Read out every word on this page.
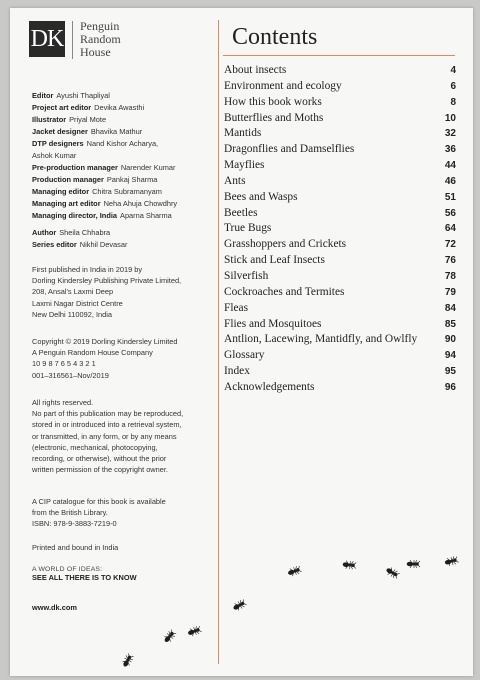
DK Penguin
Random
House
Editor Ayushi Thapliyal
Project art editor Devika Awasthi
Illustrator Priyal Mote
Jacket designer Bhavika Mathur
DTP designers Nand Kishor Acharya,
Ashok Kumar
Pre-production manager Narender Kumar
Production manager Pankaj Sharma
Managing editor Chitra Subramanyam
Managing art editor Neha Ahuja Chowdhry
Managing director, India Aparna Sharma
Author Sheila Chhabra
Series editor Nikhil Devasar
First published in India in 2019 by
Dorling Kindersley Publishing Private Limited,
208, Ansal's Laxmi Deep
Laxmi Nagar District Centre
New Delhi 110092, India
Copyright © 2019 Dorling Kindersley Limited
A Penguin Random House Company
10 9 8 7 6 5 4 3 2 1
001–316561–Nov/2019
All rights reserved.
No part of this publication may be reproduced,
stored in or introduced into a retrieval system,
or transmitted, in any form, or by any means
(electronic, mechanical, photocopying,
recording, or otherwise), without the prior
written permission of the copyright owner.
A CIP catalogue for this book is available
from the British Library.
ISBN: 978-9-3883-7219-0
Printed and bound in India
A WORLD OF IDEAS:
SEE ALL THERE IS TO KNOW
www.dk.com
Contents
About insects	4
Environment and ecology	6
How this book works	8
Butterflies and Moths	10
Mantids	32
Dragonflies and Damselflies	36
Mayflies	44
Ants	46
Bees and Wasps	51
Beetles	56
True Bugs	64
Grasshoppers and Crickets	72
Stick and Leaf Insects	76
Silverfish	78
Cockroaches and Termites	79
Fleas	84
Flies and Mosquitoes	85
Antlion, Lacewing, Mantidfly, and Owlfly	90
Glossary	94
Index	95
Acknowledgements	96
